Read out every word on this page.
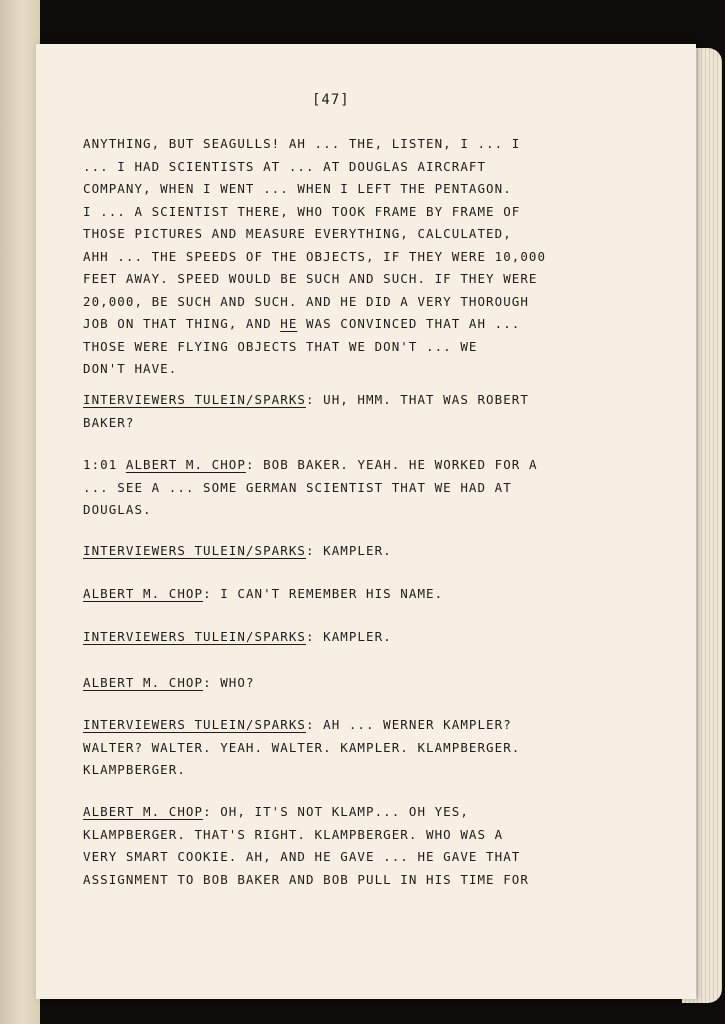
[47]
ANYTHING, BUT SEAGULLS! AH ... THE, LISTEN, I ... I
... I HAD SCIENTISTS AT ... AT DOUGLAS AIRCRAFT
COMPANY, WHEN I WENT ... WHEN I LEFT THE PENTAGON.
I ... A SCIENTIST THERE, WHO TOOK FRAME BY FRAME OF
THOSE PICTURES AND MEASURE EVERYTHING, CALCULATED,
AHH ... THE SPEEDS OF THE OBJECTS, IF THEY WERE 10,000
FEET AWAY. SPEED WOULD BE SUCH AND SUCH. IF THEY WERE
20,000, BE SUCH AND SUCH. AND HE DID A VERY THOROUGH
JOB ON THAT THING, AND HE WAS CONVINCED THAT AH ...
THOSE WERE FLYING OBJECTS THAT WE DON'T ... WE
DON'T HAVE.
INTERVIEWERS TULEIN/SPARKS: UH, HMM. THAT WAS ROBERT
BAKER?
1:01 ALBERT M. CHOP: BOB BAKER. YEAH. HE WORKED FOR A
... SEE A ... SOME GERMAN SCIENTIST THAT WE HAD AT
DOUGLAS.
INTERVIEWERS TULEIN/SPARKS: KAMPLER.
ALBERT M. CHOP: I CAN'T REMEMBER HIS NAME.
INTERVIEWERS TULEIN/SPARKS: KAMPLER.
ALBERT M. CHOP: WHO?
INTERVIEWERS TULEIN/SPARKS: AH ... WERNER KAMPLER?
WALTER? WALTER. YEAH. WALTER. KAMPLER. KLAMPBERGER.
KLAMPBERGER.
ALBERT M. CHOP: OH, IT'S NOT KLAMP... OH YES,
KLAMPBERGER. THAT'S RIGHT. KLAMPBERGER. WHO WAS A
VERY SMART COOKIE. AH, AND HE GAVE ... HE GAVE THAT
ASSIGNMENT TO BOB BAKER AND BOB PULL IN HIS TIME FOR
